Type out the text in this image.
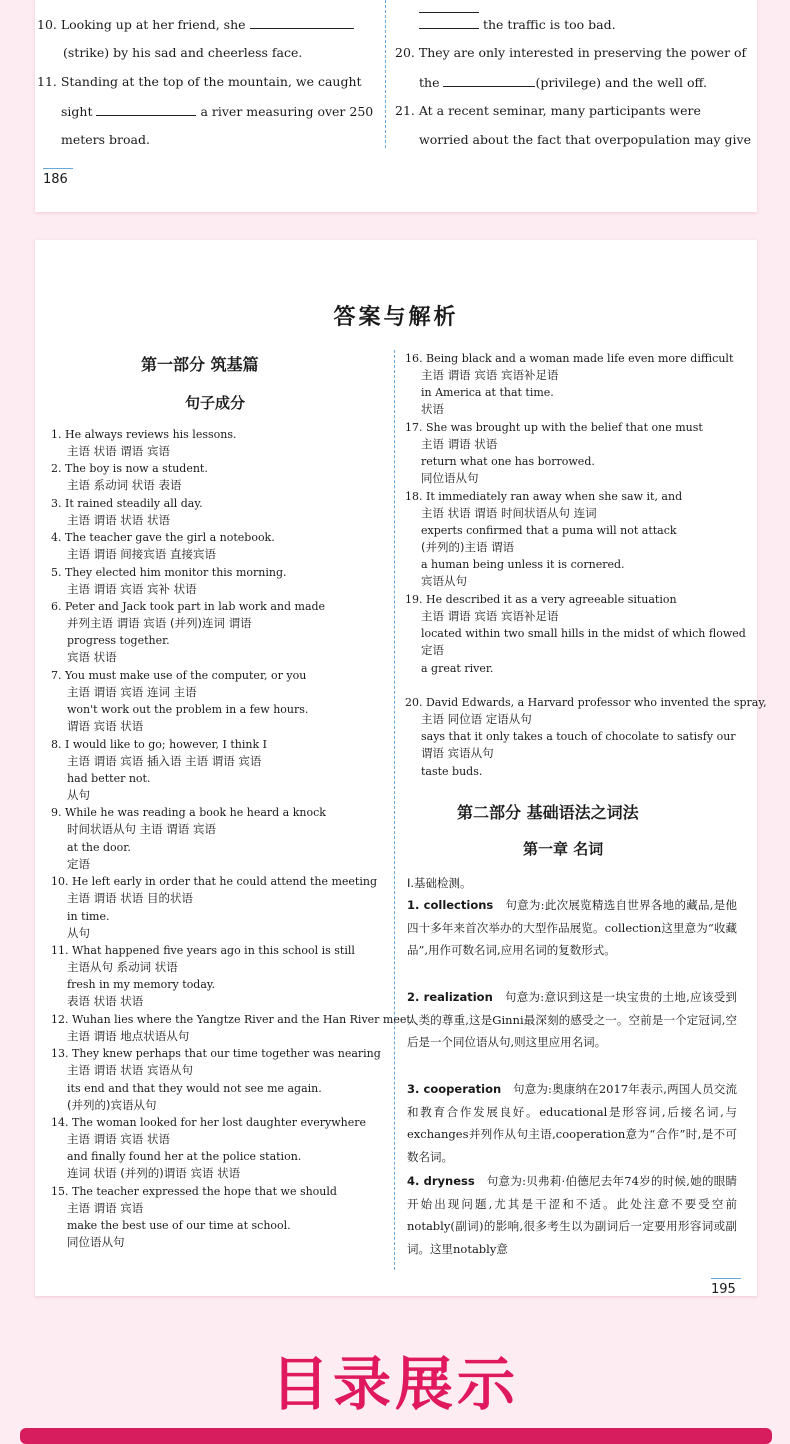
10. Looking up at her friend, she
(strike) by his sad and cheerless face.
11. Standing at the top of the mountain, we caught
sight	a river measuring over 250
meters broad.
186
the traffic is too bad.
20. They are only interested in preserving the power of
the	(privilege) and the well off.
21. At a recent seminar, many participants were
worried about the fact that overpopulation may give
答案与解析
第一部分 筑基篇
句子成分
1. He always reviews his lessons.
主语 状语 谓语 宾语
2. The boy is now a student.
主语 系动词 状语 表语
3. It rained steadily all day.
主语 谓语 状语 状语
4. The teacher gave the girl a notebook.
主语 谓语 间接宾语 直接宾语
5. They elected him monitor this morning.
主语 谓语 宾语 宾补 状语
6. Peter and Jack took part in lab work and made
并列主语 谓语 宾语 (并列)连词 谓语
progress together.
宾语 状语
7. You must make use of the computer, or you
主语 谓语 宾语 连词 主语
won't work out the problem in a few hours.
谓语 宾语 状语
8. I would like to go; however, I think I
主语 谓语 宾语 插入语 主语 谓语 宾语
had better not.
从句
9. While he was reading a book he heard a knock
时间状语从句 主语 谓语 宾语
at the door.
定语
10. He left early in order that he could attend the meeting
主语 谓语 状语 目的状语
in time.
从句
11. What happened five years ago in this school is still
主语从句 系动词 状语
fresh in my memory today.
表语 状语 状语
12. Wuhan lies where the Yangtze River and the Han River meet.
主语 谓语 地点状语从句
13. They knew perhaps that our time together was nearing
主语 谓语 状语 宾语从句
its end and that they would not see me again.
(并列的)宾语从句
14. The woman looked for her lost daughter everywhere
主语 谓语 宾语 状语
and finally found her at the police station.
连词 状语 (并列的)谓语 宾语 状语
15. The teacher expressed the hope that we should
主语 谓语 宾语
make the best use of our time at school.
同位语从句
16. Being black and a woman made life even more difficult
主语 谓语 宾语 宾语补足语
in America at that time.
状语
17. She was brought up with the belief that one must
主语 谓语 状语
return what one has borrowed.
同位语从句
18. It immediately ran away when she saw it, and
主语 状语 谓语 时间状语从句 连词
experts confirmed that a puma will not attack
(并列的)主语 谓语
a human being unless it is cornered.
宾语从句
19. He described it as a very agreeable situation
主语 谓语 宾语 宾语补足语
located within two small hills in the midst of which flowed
定语
a great river.
20. David Edwards, a Harvard professor who invented the spray,
主语 同位语 定语从句
says that it only takes a touch of chocolate to satisfy our
谓语 宾语从句
taste buds.
第二部分 基础语法之词法
第一章 名词
Ⅰ.基础检测。
1. collections　 句意为:此次展览精选自世界各地的藏品,是他四十多年来首次举办的大型作品展览。collection这里意为“收藏品”,用作可数名词,应用名词的复数形式。
2. realization　 句意为:意识到这是一块宝贵的土地,应该受到人类的尊重,这是Ginni最深刻的感受之一。空前是一个定冠词,空后是一个同位语从句,则这里应用名词。
3. cooperation　 句意为:奥康纳在2017年表示,两国人员交流和教育合作发展良好。educational是形容词,后接名词,与exchanges并列作从句主语,cooperation意为“合作”时,是不可数名词。
4. dryness　 句意为:贝弗莉·伯德尼去年74岁的时候,她的眼睛开始出现问题,尤其是干涩和不适。此处注意不要受空前notably(副词)的影响,很多考生以为副词后一定要用形容词或副词。这里notably意
195
目录展示
